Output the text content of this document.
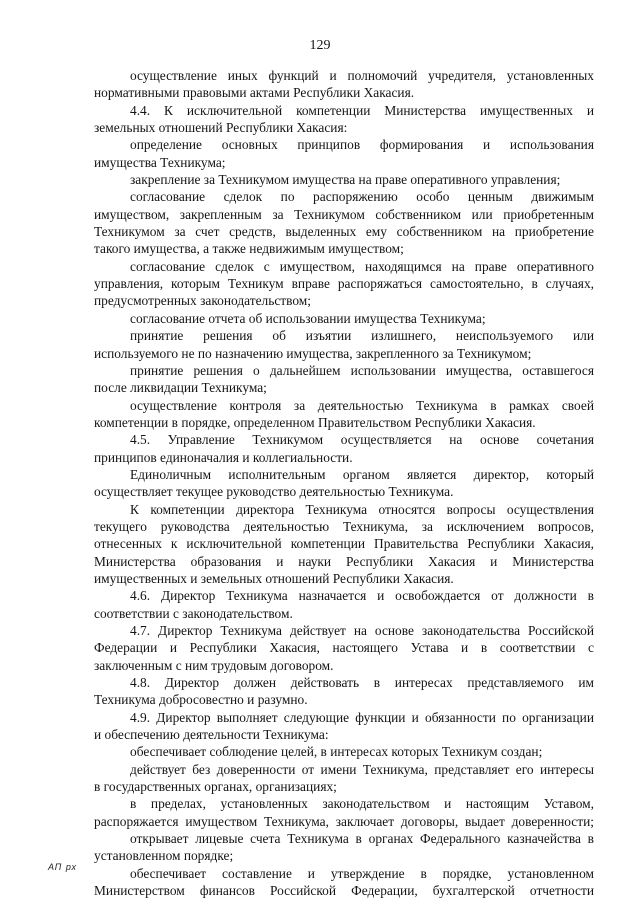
129
осуществление иных функций и полномочий учредителя, установленных
нормативными правовыми актами Республики Хакасия.
4.4. К исключительной компетенции Министерства имущественных и
земельных отношений Республики Хакасия:
определение основных принципов формирования и использования
имущества Техникума;
закрепление за Техникумом имущества на праве оперативного управления;
согласование сделок по распоряжению особо ценным движимым
имуществом, закрепленным за Техникумом собственником или приобретенным
Техникумом за счет средств, выделенных ему собственником на приобретение
такого имущества, а также недвижимым имуществом;
согласование сделок с имуществом, находящимся на праве оперативного
управления, которым Техникум вправе распоряжаться самостоятельно, в случаях,
предусмотренных законодательством;
согласование отчета об использовании имущества Техникума;
принятие решения об изъятии излишнего, неиспользуемого или
используемого не по назначению имущества, закрепленного за Техникумом;
принятие решения о дальнейшем использовании имущества, оставшегося
после ликвидации Техникума;
осуществление контроля за деятельностью Техникума в рамках своей
компетенции в порядке, определенном Правительством Республики Хакасия.
4.5. Управление Техникумом осуществляется на основе сочетания
принципов единоначалия и коллегиальности.
Единоличным исполнительным органом является директор, который
осуществляет текущее руководство деятельностью Техникума.
К компетенции директора Техникума относятся вопросы осуществления
текущего руководства деятельностью Техникума, за исключением вопросов,
отнесенных к исключительной компетенции Правительства Республики Хакасия,
Министерства образования и науки Республики Хакасия и Министерства
имущественных и земельных отношений Республики Хакасия.
4.6. Директор Техникума назначается и освобождается от должности в
соответствии с законодательством.
4.7. Директор Техникума действует на основе законодательства Российской
Федерации и Республики Хакасия, настоящего Устава и в соответствии с
заключенным с ним трудовым договором.
4.8. Директор должен действовать в интересах представляемого им
Техникума добросовестно и разумно.
4.9. Директор выполняет следующие функции и обязанности по организации
и обеспечению деятельности Техникума:
обеспечивает соблюдение целей, в интересах которых Техникум создан;
действует без доверенности от имени Техникума, представляет его интересы
в государственных органах, организациях;
в пределах, установленных законодательством и настоящим Уставом,
распоряжается имуществом Техникума, заключает договоры, выдает доверенности;
открывает лицевые счета Техникума в органах Федерального казначейства в
установленном порядке;
обеспечивает составление и утверждение в порядке, установленном
Министерством финансов Российской Федерации, бухгалтерской отчетности
АП рх
